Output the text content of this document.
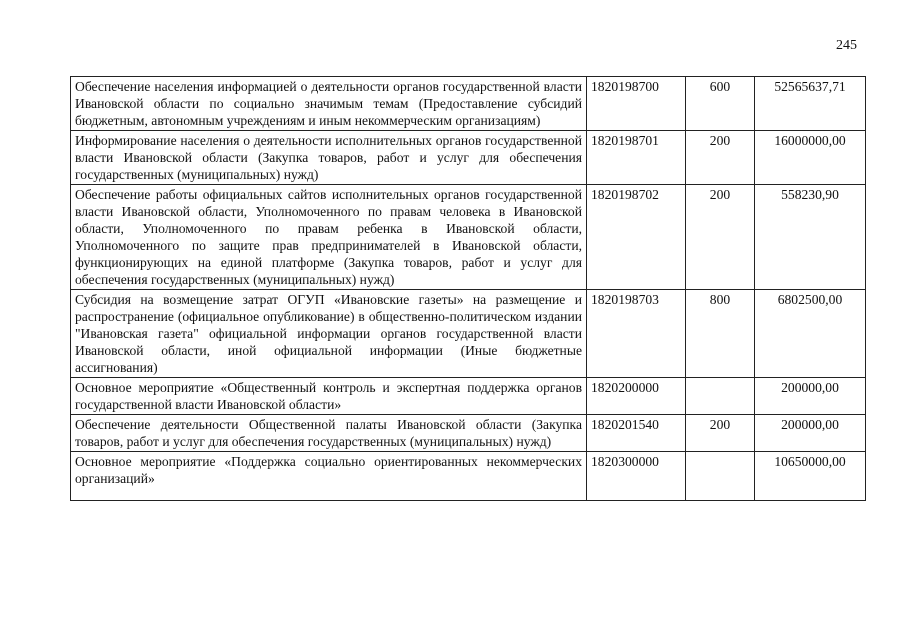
245
Обеспечение населения информацией о деятельности органов государственной власти Ивановской области по социально значимым темам (Предоставление субсидий бюджетным, автономным учреждениям и иным некоммерческим организациям)	1820198700	600	52565637,71
Информирование населения о деятельности исполнительных органов государственной власти Ивановской области (Закупка товаров, работ и услуг для обеспечения государственных (муниципальных) нужд)	1820198701	200	16000000,00
Обеспечение работы официальных сайтов исполнительных органов государственной власти Ивановской области, Уполномоченного по правам человека в Ивановской области, Уполномоченного по правам ребенка в Ивановской области, Уполномоченного по защите прав предпринимателей в Ивановской области, функционирующих на единой платформе (Закупка товаров, работ и услуг для обеспечения государственных (муниципальных) нужд)	1820198702	200	558230,90
Субсидия на возмещение затрат ОГУП «Ивановские газеты» на размещение и распространение (официальное опубликование) в общественно-политическом издании "Ивановская газета" официальной информации органов государственной власти Ивановской области, иной официальной информации (Иные бюджетные ассигнования)	1820198703	800	6802500,00
Основное мероприятие «Общественный контроль и экспертная поддержка органов государственной власти Ивановской области»	1820200000		200000,00
Обеспечение деятельности Общественной палаты Ивановской области (Закупка товаров, работ и услуг для обеспечения государственных (муниципальных) нужд)	1820201540	200	200000,00
Основное мероприятие «Поддержка социально ориентированных некоммерческих организаций»	1820300000		10650000,00
